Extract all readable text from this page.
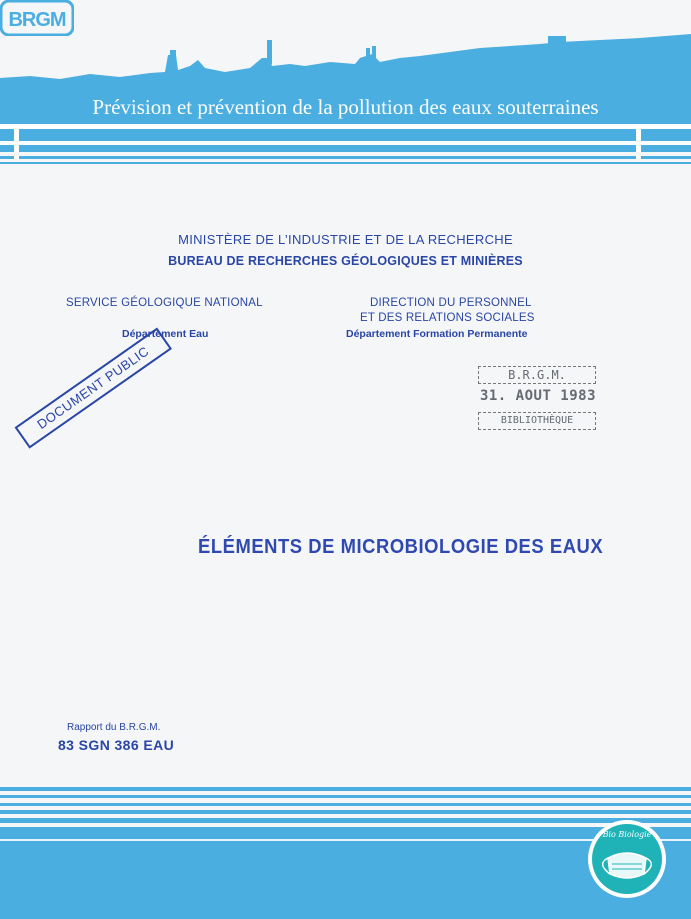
BRGM
Prévision et prévention de la pollution des eaux souterraines
MINISTÈRE DE L’INDUSTRIE ET DE LA RECHERCHE
BUREAU DE RECHERCHES GÉOLOGIQUES ET MINIÈRES
SERVICE GÉOLOGIQUE NATIONAL
Département Eau
DIRECTION DU PERSONNEL
ET DES RELATIONS SOCIALES
Département Formation Permanente
DOCUMENT PUBLIC	B.R.G.M.
31. AOUT 1983
BIBLIOTHÈQUE
ÉLÉMENTS DE MICROBIOLOGIE DES EAUX
Rapport du B.R.G.M.
83 SGN 386 EAU
Bio Biologie
